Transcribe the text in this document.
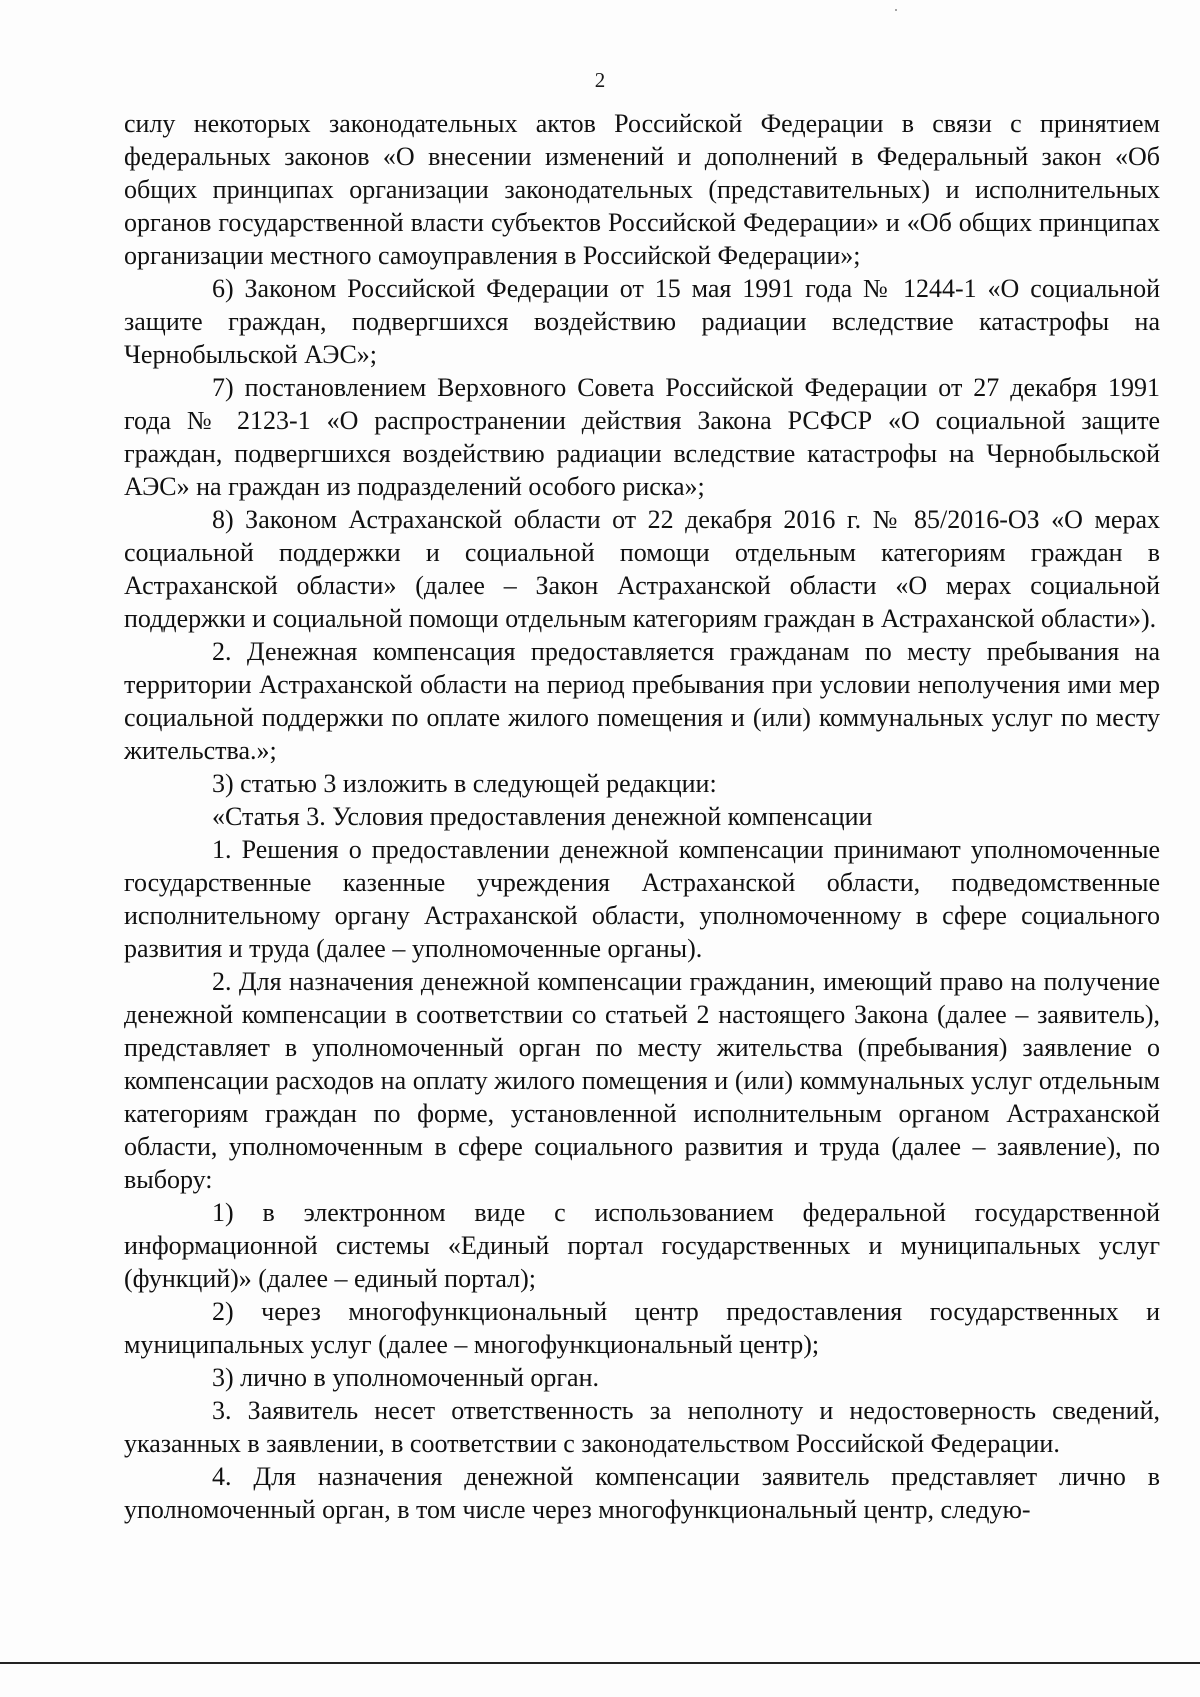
2

силу некоторых законодательных актов Российской Федерации в связи с принятием федеральных законов «О внесении изменений и дополнений в Федеральный закон «Об общих принципах организации законодательных (представительных) и исполнительных органов государственной власти субъектов Российской Федерации» и «Об общих принципах организации местного самоуправления в Российской Федерации»;

6) Законом Российской Федерации от 15 мая 1991 года № 1244-1 «О социальной защите граждан, подвергшихся воздействию радиации вследствие катастрофы на Чернобыльской АЭС»;

7) постановлением Верховного Совета Российской Федерации от 27 декабря 1991 года № 2123-1 «О распространении действия Закона РСФСР «О социальной защите граждан, подвергшихся воздействию радиации вследствие катастрофы на Чернобыльской АЭС» на граждан из подразделений особого риска»;

8) Законом Астраханской области от 22 декабря 2016 г. № 85/2016-ОЗ «О мерах социальной поддержки и социальной помощи отдельным категориям граждан в Астраханской области» (далее – Закон Астраханской области «О мерах социальной поддержки и социальной помощи отдельным категориям граждан в Астраханской области»).

2. Денежная компенсация предоставляется гражданам по месту пребывания на территории Астраханской области на период пребывания при условии неполучения ими мер социальной поддержки по оплате жилого помещения и (или) коммунальных услуг по месту жительства.»;

3) статью 3 изложить в следующей редакции:

«Статья 3. Условия предоставления денежной компенсации

1. Решения о предоставлении денежной компенсации принимают уполномоченные государственные казенные учреждения Астраханской области, подведомственные исполнительному органу Астраханской области, уполномоченному в сфере социального развития и труда (далее – уполномоченные органы).

2. Для назначения денежной компенсации гражданин, имеющий право на получение денежной компенсации в соответствии со статьей 2 настоящего Закона (далее – заявитель), представляет в уполномоченный орган по месту жительства (пребывания) заявление о компенсации расходов на оплату жилого помещения и (или) коммунальных услуг отдельным категориям граждан по форме, установленной исполнительным органом Астраханской области, уполномоченным в сфере социального развития и труда (далее – заявление), по выбору:

1) в электронном виде с использованием федеральной государственной информационной системы «Единый портал государственных и муниципальных услуг (функций)» (далее – единый портал);

2) через многофункциональный центр предоставления государственных и муниципальных услуг (далее – многофункциональный центр);

3) лично в уполномоченный орган.

3. Заявитель несет ответственность за неполноту и недостоверность сведений, указанных в заявлении, в соответствии с законодательством Российской Федерации.

4. Для назначения денежной компенсации заявитель представляет лично в уполномоченный орган, в том числе через многофункциональный центр, следую-
